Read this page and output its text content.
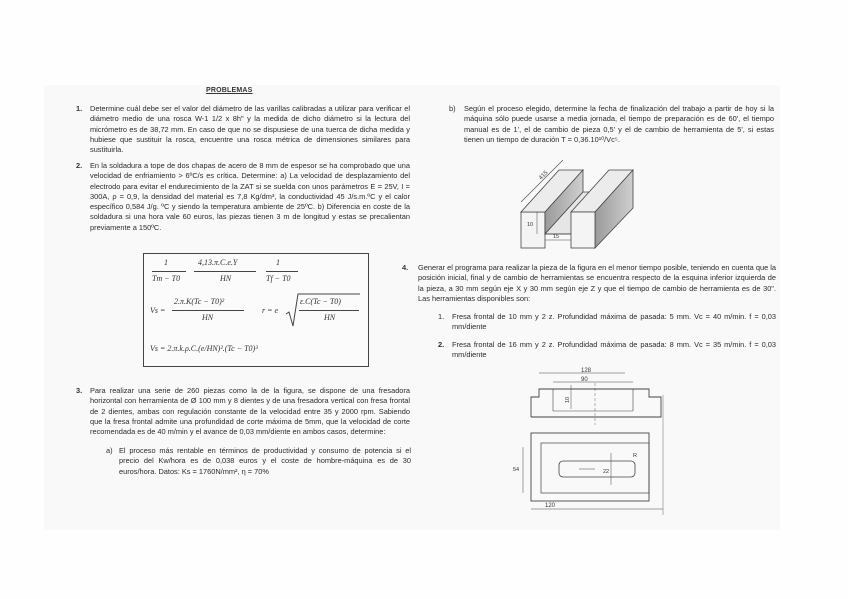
PROBLEMAS
1. Determine cuál debe ser el valor del diámetro de las varillas calibradas a utilizar para verificar el diámetro medio de una rosca W-1 1/2 x 8h" y la medida de dicho diámetro si la lectura del micrómetro es de 38,72 mm. En caso de que no se dispusiese de una tuerca de dicha medida y hubiese que sustituir la rosca, encuentre una rosca métrica de dimensiones similares para sustituirla.
2. En la soldadura a tope de dos chapas de acero de 8 mm de espesor se ha comprobado que una velocidad de enfriamiento > 6ºC/s es crítica. Determine: a) La velocidad de desplazamiento del electrodo para evitar el endurecimiento de la ZAT si se suelda con unos parámetros E = 25V, I = 300A, ρ = 0,9, la densidad del material es 7,8 Kg/dm³, la conductividad 45 J/s.m.ºC y el calor específico 0,584 J/g. ºC y siendo la temperatura ambiente de 25ºC. b) Diferencia en coste de la soldadura si una hora vale 60 euros, las piezas tienen 3 m de longitud y estas se precalientan previamente a 150ºC.
1
Tm − T0
4,13.π.C.e.Y
HN
1
Tf − T0
Vs =
2.π.K(Tc − T0)²
HN
r = e
ε.C(Tc − T0)
HN
Vs = 2.π.k.ρ.C.(e/HN)².(Tc − T0)³
3. Para realizar una serie de 260 piezas como la de la figura, se dispone de una fresadora horizontal con herramienta de Ø 100 mm y 8 dientes y de una fresadora vertical con fresa frontal de 2 dientes, ambas con regulación constante de la velocidad entre 35 y 2000 rpm. Sabiendo que la fresa frontal admite una profundidad de corte máxima de 5mm, que la velocidad de corte recomendada es de 40 m/min y el avance de 0,03 mm/diente en ambos casos, determine:
a) El proceso más rentable en términos de productividad y consumo de potencia si el precio del Kw/hora es de 0,038 euros y el coste de hombre-máquina es de 30 euros/hora. Datos: Ks = 1760N/mm², η = 70%
b) Según el proceso elegido, determine la fecha de finalización del trabajo a partir de hoy si la máquina sólo puede usarse a media jornada, el tiempo de preparación es de 60', el tiempo manual es de 1', el de cambio de pieza 0,5' y el de cambio de herramienta de 5', si estas tienen un tiempo de duración T = 0,36.10¹⁰/Vc⁵.
415
10
15
4. Generar el programa para realizar la pieza de la figura en el menor tiempo posible, teniendo en cuenta que la posición inicial, final y de cambio de herramientas se encuentra respecto de la esquina inferior izquierda de la pieza, a 30 mm según eje X y 30 mm según eje Z y que el tiempo de cambio de herramienta es de 30". Las herramientas disponibles son:
1. Fresa frontal de 10 mm y 2 z. Profundidad máxima de pasada: 5 mm. Vc = 40 m/min. f = 0,03 mm/diente
2. Fresa frontal de 16 mm y 2 z. Profundidad máxima de pasada: 8 mm. Vc = 35 m/min. f = 0,03 mm/diente
128
90
10
54	22
R
120
